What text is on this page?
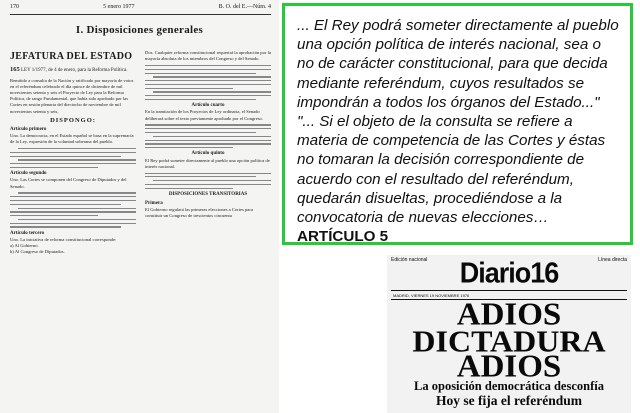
170	5 enero 1977	B. O. del E.—Núm. 4
I. Disposiciones generales
JEFATURA DEL ESTADO
165 LEY 1/1977, de 4 de enero, para la Reforma Política.
Remitido a consulta de la Nación y ratificado por mayoría de votos en el referéndum celebrado el día quince de diciembre de mil novecientos setenta y seis el Proyecto de Ley para la Reforma Política, de rango Fundamental, que había sido aprobado por las Cortes en sesión plenaria del dieciocho de noviembre de mil novecientos setenta y seis,
DISPONGO:
Artículo primero
Uno. La democracia, en el Estado español se basa en la supremacía de la Ley, expresión de la voluntad soberana del pueblo.
Artículo segundo
Uno. Las Cortes se componen del Congreso de Diputados y del Senado.
Artículo tercero
Uno. La iniciativa de reforma constitucional corresponde:
a) Al Gobierno.
b) Al Congreso de Diputados.
Dos. Cualquier reforma constitucional requerirá la aprobación por la mayoría absoluta de los miembros del Congreso y del Senado.
Artículo cuarto
En la tramitación de los Proyectos de Ley ordinaria, el Senado deliberará sobre el texto previamente aprobado por el Congreso.
Artículo quinto
El Rey podrá someter directamente al pueblo una opción política de interés nacional.
DISPOSICIONES TRANSITORIAS
Primera
El Gobierno regulará las primeras elecciones a Cortes para constituir un Congreso de trescientos cincuenta

... El Rey podrá someter directamente al pueblo una opción política de interés nacional, sea o no de carácter constitucional, para que decida mediante referéndum, cuyos resultados se impondrán a todos los órganos del Estado..." "... Si el objeto de la consulta se refiere a materia de competencia de las Cortes y éstas no tomaran la decisión correspondiente de acuerdo con el resultado del referéndum, quedarán disueltas, procediéndose a la convocatoria de nuevas elecciones… ARTÍCULO 5

Edición nacional	Línea directa
Diario16
MADRID, VIERNES 19 NOVIEMBRE 1976
ADIOS
DICTADURA
ADIOS
La oposición democrática desconfía
Hoy se fija el referéndum
